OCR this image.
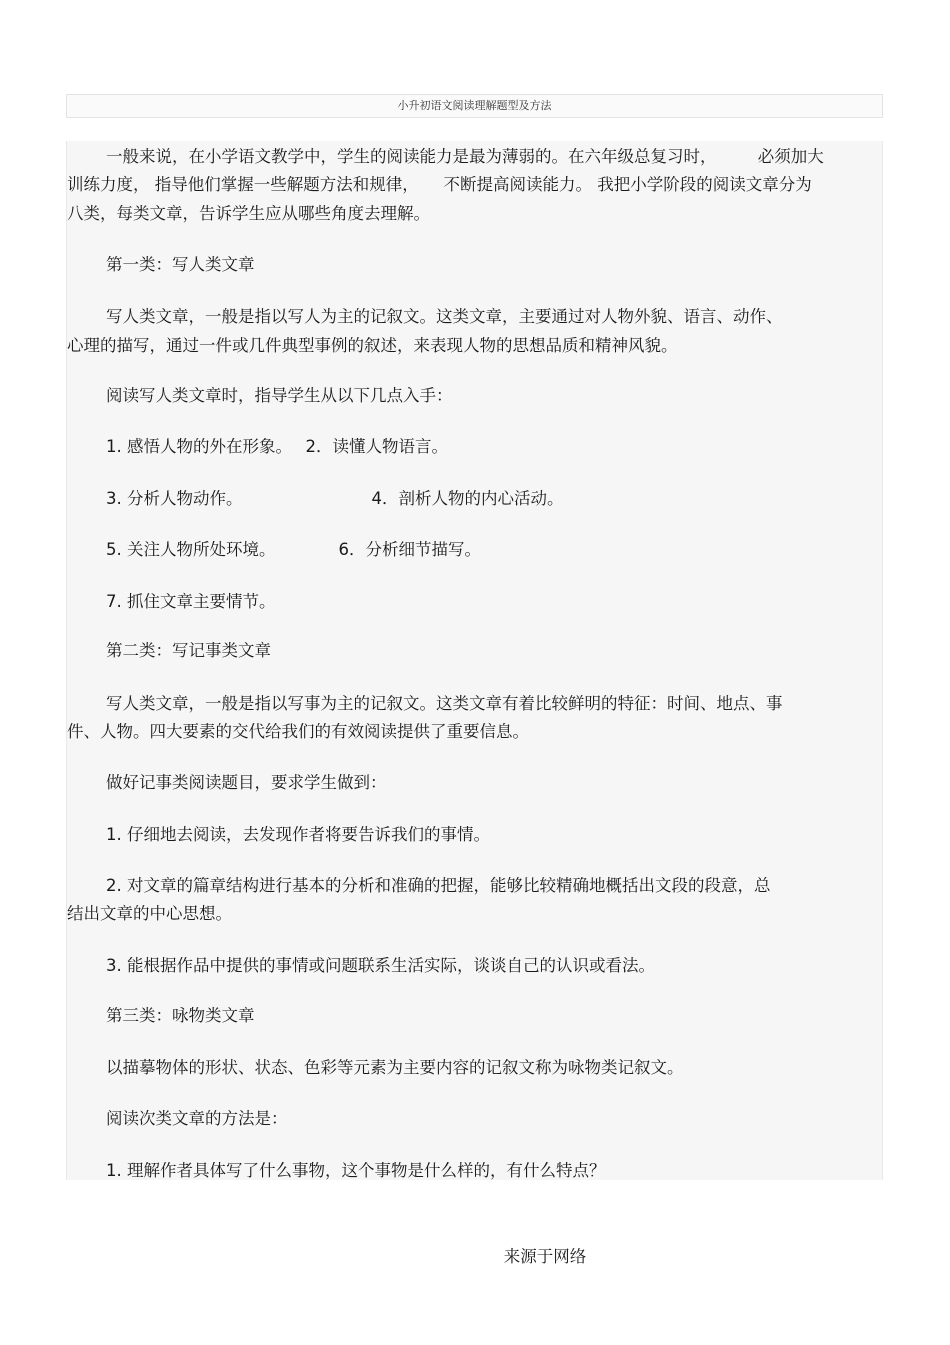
小升初语文阅读理解题型及方法
一般来说，在小学语文教学中，学生的阅读能力是最为薄弱的。在六年级总复习时，　　　必须加大
训练力度， 指导他们掌握一些解题方法和规律，　　不断提高阅读能力。 我把小学阶段的阅读文章分为
八类，每类文章，告诉学生应从哪些角度去理解。
第一类：写人类文章
写人类文章，一般是指以写人为主的记叙文。这类文章，主要通过对人物外貌、语言、动作、
心理的描写，通过一件或几件典型事例的叙述，来表现人物的思想品质和精神风貌。
阅读写人类文章时，指导学生从以下几点入手：
1. 感悟人物的外在形象。　 2．读懂人物语言。
3. 分析人物动作。　　　　　　　　 4．剖析人物的内心活动。
5. 关注人物所处环境。　　　　 6．分析细节描写。
7. 抓住文章主要情节。
第二类：写记事类文章
写人类文章，一般是指以写事为主的记叙文。这类文章有着比较鲜明的特征：时间、地点、事
件、人物。四大要素的交代给我们的有效阅读提供了重要信息。
做好记事类阅读题目，要求学生做到：
1. 仔细地去阅读，去发现作者将要告诉我们的事情。
2. 对文章的篇章结构进行基本的分析和准确的把握，能够比较精确地概括出文段的段意，总
结出文章的中心思想。
3. 能根据作品中提供的事情或问题联系生活实际，谈谈自己的认识或看法。
第三类：咏物类文章
以描摹物体的形状、状态、色彩等元素为主要内容的记叙文称为咏物类记叙文。
阅读次类文章的方法是：
1. 理解作者具体写了什么事物，这个事物是什么样的，有什么特点？
来源于网络
